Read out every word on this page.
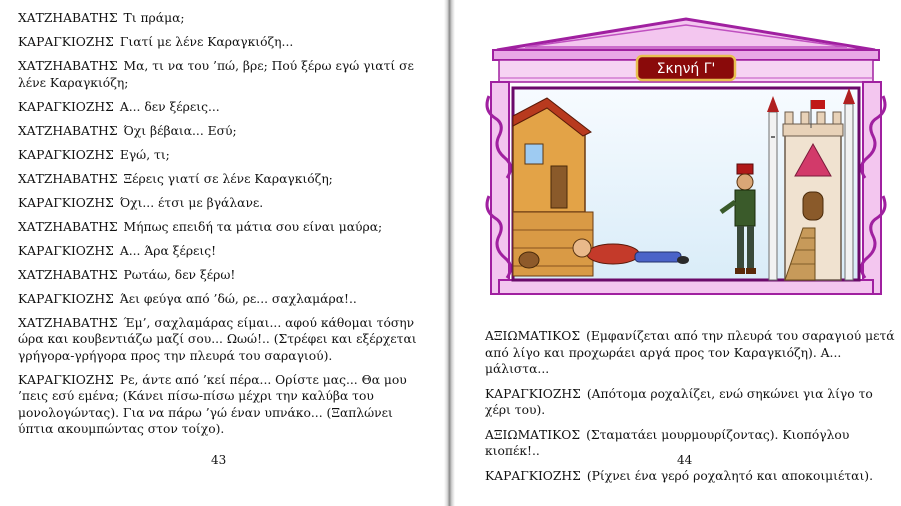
ΧΑΤΖΗΑΒΑΤΗΣ Τι πράμα;
ΚΑΡΑΓΚΙΟΖΗΣ Γιατί με λένε Καραγκιόζη...
ΧΑΤΖΗΑΒΑΤΗΣ Μα, τι να του ’πώ, βρε; Πού ξέρω εγώ γιατί σε λένε Καραγκιόζη;
ΚΑΡΑΓΚΙΟΖΗΣ Α... δεν ξέρεις...
ΧΑΤΖΗΑΒΑΤΗΣ Όχι βέβαια... Εσύ;
ΚΑΡΑΓΚΙΟΖΗΣ Εγώ, τι;
ΧΑΤΖΗΑΒΑΤΗΣ Ξέρεις γιατί σε λένε Καραγκιόζη;
ΚΑΡΑΓΚΙΟΖΗΣ Όχι... έτσι με βγάλανε.
ΧΑΤΖΗΑΒΑΤΗΣ Μήπως επειδή τα μάτια σου είναι μαύρα;
ΚΑΡΑΓΚΙΟΖΗΣ Α... Άρα ξέρεις!
ΧΑΤΖΗΑΒΑΤΗΣ Ρωτάω, δεν ξέρω!
ΚΑΡΑΓΚΙΟΖΗΣ Άει φεύγα από ’δώ, ρε... σαχλαμάρα!..
ΧΑΤΖΗΑΒΑΤΗΣ Έμ’, σαχλαμάρας είμαι... αφού κάθομαι τόσην ώρα και κουβεντιάζω μαζί σου... Ωωώ!.. (Στρέφει και εξέρχεται γρήγορα-γρήγορα προς την πλευρά του σαραγιού).
ΚΑΡΑΓΚΙΟΖΗΣ Ρε, άντε από ’κεί πέρα... Ορίστε μας... Θα μου ’πεις εσύ εμένα; (Κάνει πίσω-πίσω μέχρι την καλύβα του μονολογώντας). Για να πάρω ’γώ έναν υπνάκο... (Ξαπλώνει ύπτια ακουμπώντας στον τοίχο).
43
Σκηνή Γ'
ΑΞΙΩΜΑΤΙΚΟΣ (Εμφανίζεται από την πλευρά του σαραγιού μετά από λίγο και προχωράει αργά προς τον Καραγκιόζη). Α... μάλιστα...
ΚΑΡΑΓΚΙΟΖΗΣ (Απότομα ροχαλίζει, ενώ σηκώνει για λίγο το χέρι του).
ΑΞΙΩΜΑΤΙΚΟΣ (Σταματάει μουρμουρίζοντας). Κιοπόγλου κιοπέκ!..
ΚΑΡΑΓΚΙΟΖΗΣ (Ρίχνει ένα γερό ροχαλητό και αποκοιμιέται).
44
